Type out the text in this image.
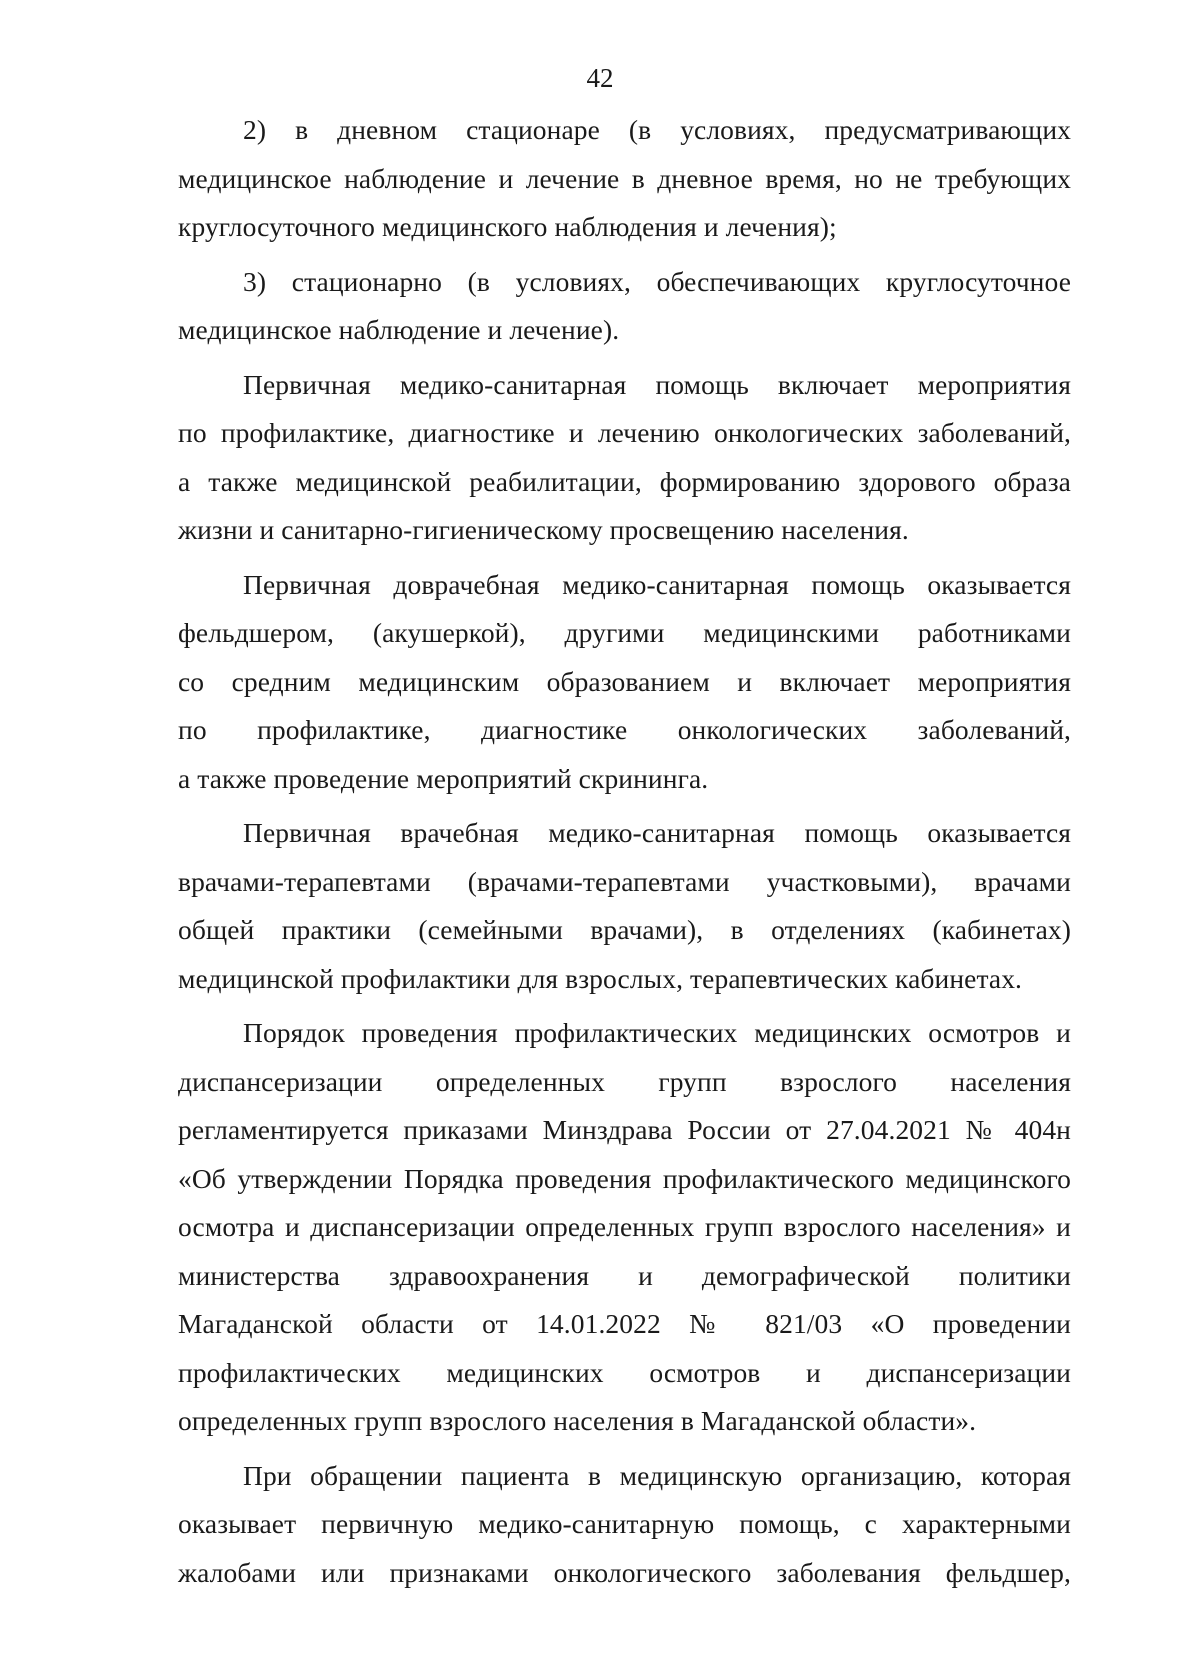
42
2) в дневном стационаре (в условиях, предусматривающих
медицинское наблюдение и лечение в дневное время, но не требующих
круглосуточного медицинского наблюдения и лечения);
3) стационарно (в условиях, обеспечивающих круглосуточное
медицинское наблюдение и лечение).
Первичная медико-санитарная помощь включает мероприятия
по профилактике, диагностике и лечению онкологических заболеваний,
а также медицинской реабилитации, формированию здорового образа
жизни и санитарно-гигиеническому просвещению населения.
Первичная доврачебная медико-санитарная помощь оказывается
фельдшером, (акушеркой), другими медицинскими работниками
со средним медицинским образованием и включает мероприятия
по профилактике, диагностике онкологических заболеваний,
а также проведение мероприятий скрининга.
Первичная врачебная медико-санитарная помощь оказывается
врачами-терапевтами (врачами-терапевтами участковыми), врачами
общей практики (семейными врачами), в отделениях (кабинетах)
медицинской профилактики для взрослых, терапевтических кабинетах.
Порядок проведения профилактических медицинских осмотров и
диспансеризации определенных групп взрослого населения
регламентируется приказами Минздрава России от 27.04.2021 № 404н
«Об утверждении Порядка проведения профилактического медицинского
осмотра и диспансеризации определенных групп взрослого населения» и
министерства здравоохранения и демографической политики
Магаданской области от 14.01.2022 № 821/03 «О проведении
профилактических медицинских осмотров и диспансеризации
определенных групп взрослого населения в Магаданской области».
При обращении пациента в медицинскую организацию, которая
оказывает первичную медико-санитарную помощь, с характерными
жалобами или признаками онкологического заболевания фельдшер,
